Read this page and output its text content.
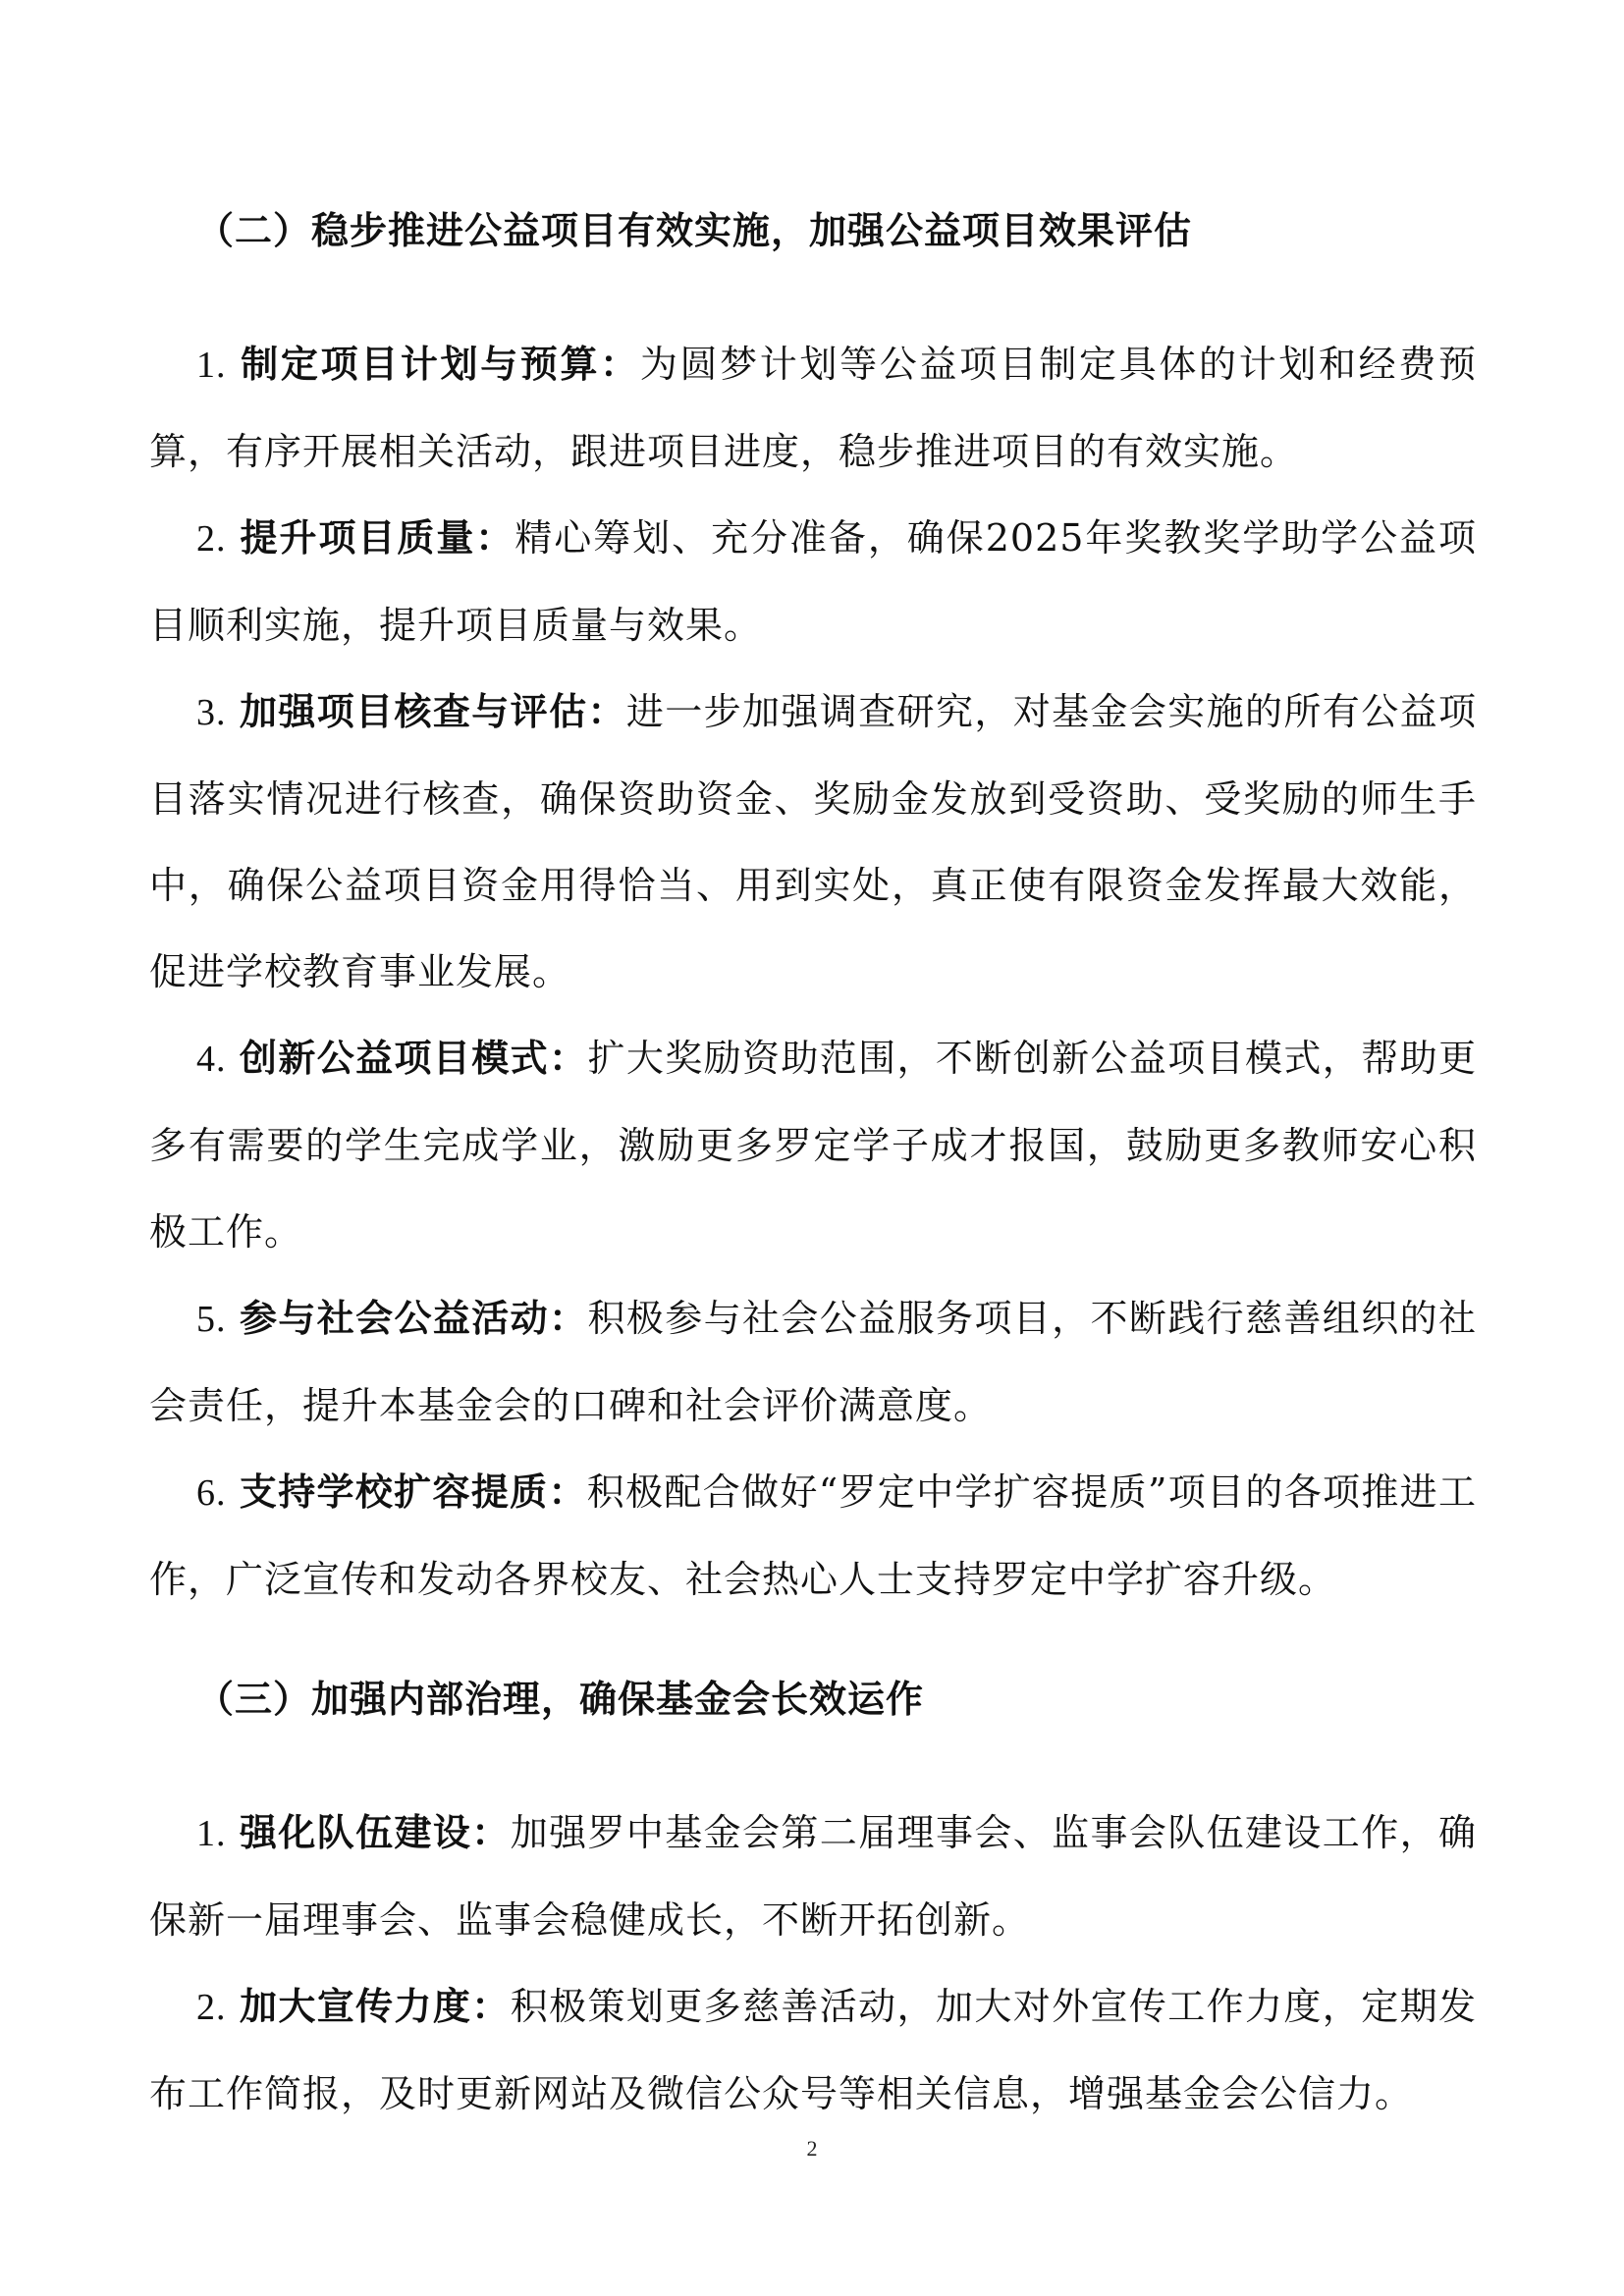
（二）稳步推进公益项目有效实施，加强公益项目效果评估

1. 制定项目计划与预算：为圆梦计划等公益项目制定具体的计划和经费预算，有序开展相关活动，跟进项目进度，稳步推进项目的有效实施。

2. 提升项目质量：精心筹划、充分准备，确保2025年奖教奖学助学公益项目顺利实施，提升项目质量与效果。

3. 加强项目核查与评估：进一步加强调查研究，对基金会实施的所有公益项目落实情况进行核查，确保资助资金、奖励金发放到受资助、受奖励的师生手中，确保公益项目资金用得恰当、用到实处，真正使有限资金发挥最大效能，促进学校教育事业发展。

4. 创新公益项目模式：扩大奖励资助范围，不断创新公益项目模式，帮助更多有需要的学生完成学业，激励更多罗定学子成才报国，鼓励更多教师安心积极工作。

5. 参与社会公益活动：积极参与社会公益服务项目，不断践行慈善组织的社会责任，提升本基金会的口碑和社会评价满意度。

6. 支持学校扩容提质：积极配合做好“罗定中学扩容提质”项目的各项推进工作，广泛宣传和发动各界校友、社会热心人士支持罗定中学扩容升级。

（三）加强内部治理，确保基金会长效运作

1. 强化队伍建设：加强罗中基金会第二届理事会、监事会队伍建设工作，确保新一届理事会、监事会稳健成长，不断开拓创新。

2. 加大宣传力度：积极策划更多慈善活动，加大对外宣传工作力度，定期发布工作简报，及时更新网站及微信公众号等相关信息，增强基金会公信力。

2
